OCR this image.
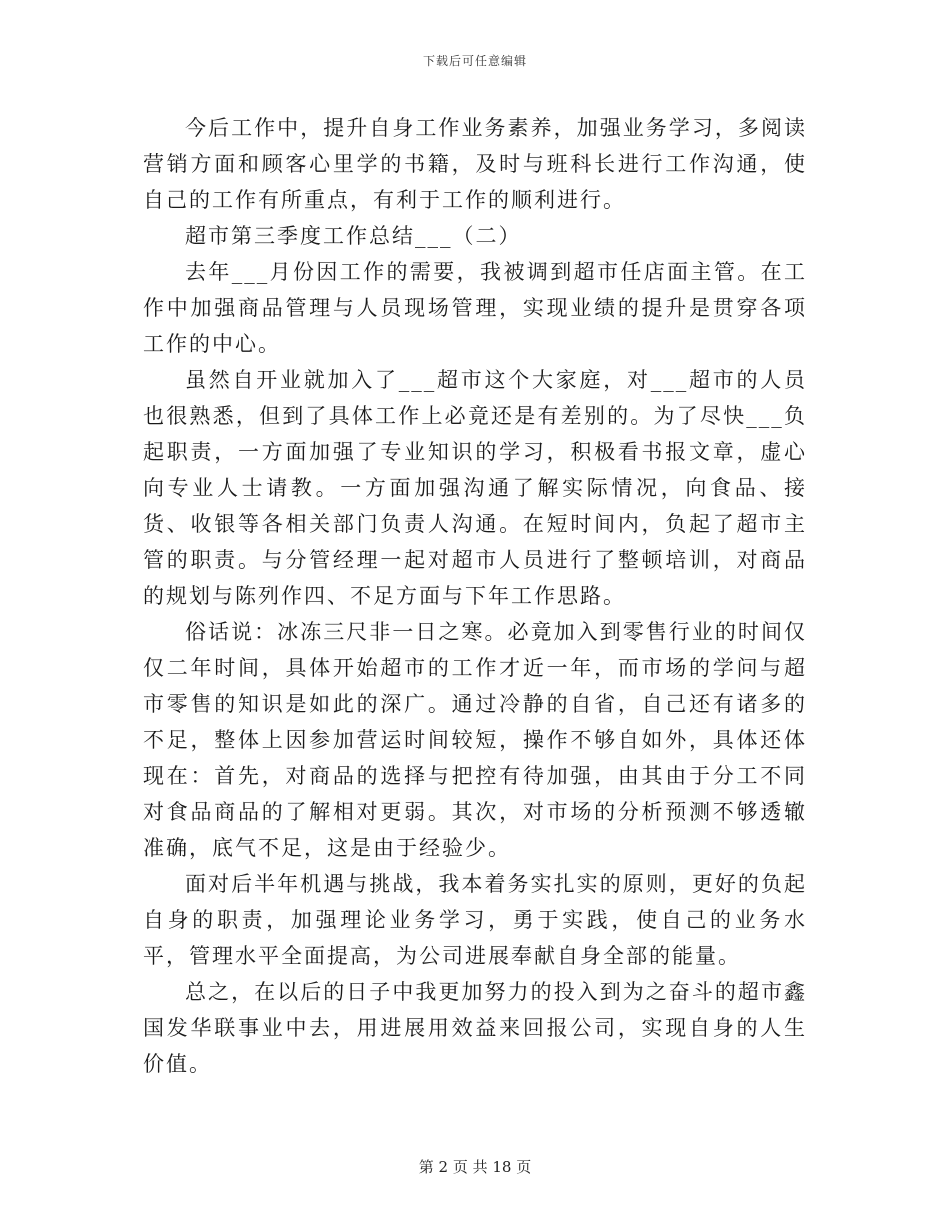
下载后可任意编辑

今后工作中，提升自身工作业务素养，加强业务学习，多阅读营销方面和顾客心里学的书籍，及时与班科长进行工作沟通，使自己的工作有所重点，有利于工作的顺利进行。

超市第三季度工作总结___（二）

去年___月份因工作的需要，我被调到超市任店面主管。在工作中加强商品管理与人员现场管理，实现业绩的提升是贯穿各项工作的中心。

虽然自开业就加入了___超市这个大家庭，对___超市的人员也很熟悉，但到了具体工作上必竟还是有差别的。为了尽快___负起职责，一方面加强了专业知识的学习，积极看书报文章，虚心向专业人士请教。一方面加强沟通了解实际情况，向食品、接货、收银等各相关部门负责人沟通。在短时间内，负起了超市主管的职责。与分管经理一起对超市人员进行了整顿培训，对商品的规划与陈列作四、不足方面与下年工作思路。

俗话说：冰冻三尺非一日之寒。必竟加入到零售行业的时间仅仅二年时间，具体开始超市的工作才近一年，而市场的学问与超市零售的知识是如此的深广。通过冷静的自省，自己还有诸多的不足，整体上因参加营运时间较短，操作不够自如外，具体还体现在：首先，对商品的选择与把控有待加强，由其由于分工不同对食品商品的了解相对更弱。其次，对市场的分析预测不够透辙准确，底气不足，这是由于经验少。

面对后半年机遇与挑战，我本着务实扎实的原则，更好的负起自身的职责，加强理论业务学习，勇于实践，使自己的业务水平，管理水平全面提高，为公司进展奉献自身全部的能量。

总之，在以后的日子中我更加努力的投入到为之奋斗的超市鑫国发华联事业中去，用进展用效益来回报公司，实现自身的人生价值。

第 2 页 共 18 页
